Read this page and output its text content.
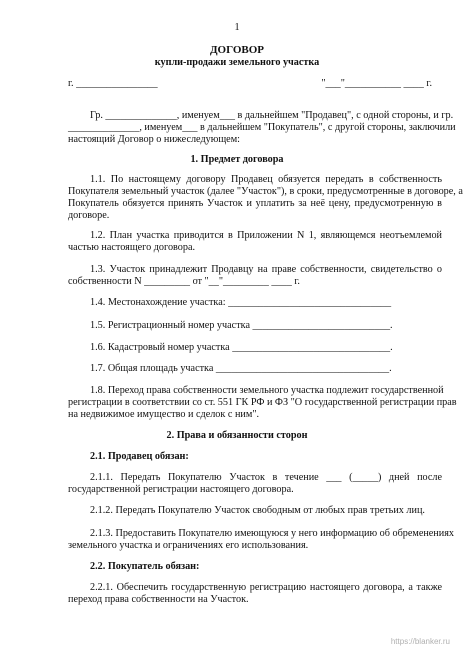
1
ДОГОВОР
купли-продажи земельного участка
г. ________________	"___"___________ ____ г.
Гр. ______________, именуем___ в дальнейшем "Продавец", с одной стороны, и гр.
______________, именуем___ в дальнейшем "Покупатель", с другой стороны, заключили
настоящий Договор о нижеследующем:
1. Предмет договора
1.1. По настоящему договору Продавец обязуется передать в собственность
Покупателя земельный участок (далее "Участок"), в сроки, предусмотренные в договоре, а
Покупатель обязуется принять Участок и уплатить за неё цену, предусмотренную в
договоре.
1.2. План участка приводится в Приложении N 1, являющемся неотъемлемой
частью настоящего договора.
1.3. Участок принадлежит Продавцу на праве собственности, свидетельство о
собственности N _________ от "__"_________ ____ г.
1.4. Местонахождение участка: ________________________________
1.5. Регистрационный номер участка ___________________________.
1.6. Кадастровый номер участка _______________________________.
1.7. Общая площадь участка __________________________________.
1.8. Переход права собственности земельного участка подлежит государственной
регистрации в соответствии со ст. 551 ГК РФ и ФЗ "О государственной регистрации прав
на недвижимое имущество и сделок с ним".
2. Права и обязанности сторон
2.1. Продавец обязан:
2.1.1. Передать Покупателю Участок в течение ___ (_____) дней после
государственной регистрации настоящего договора.
2.1.2. Передать Покупателю Участок свободным от любых прав третьих лиц.
2.1.3. Предоставить Покупателю имеющуюся у него информацию об обременениях
земельного участка и ограничениях его использования.
2.2. Покупатель обязан:
2.2.1. Обеспечить государственную регистрацию настоящего договора, а также
переход права собственности на Участок.
https://blanker.ru
